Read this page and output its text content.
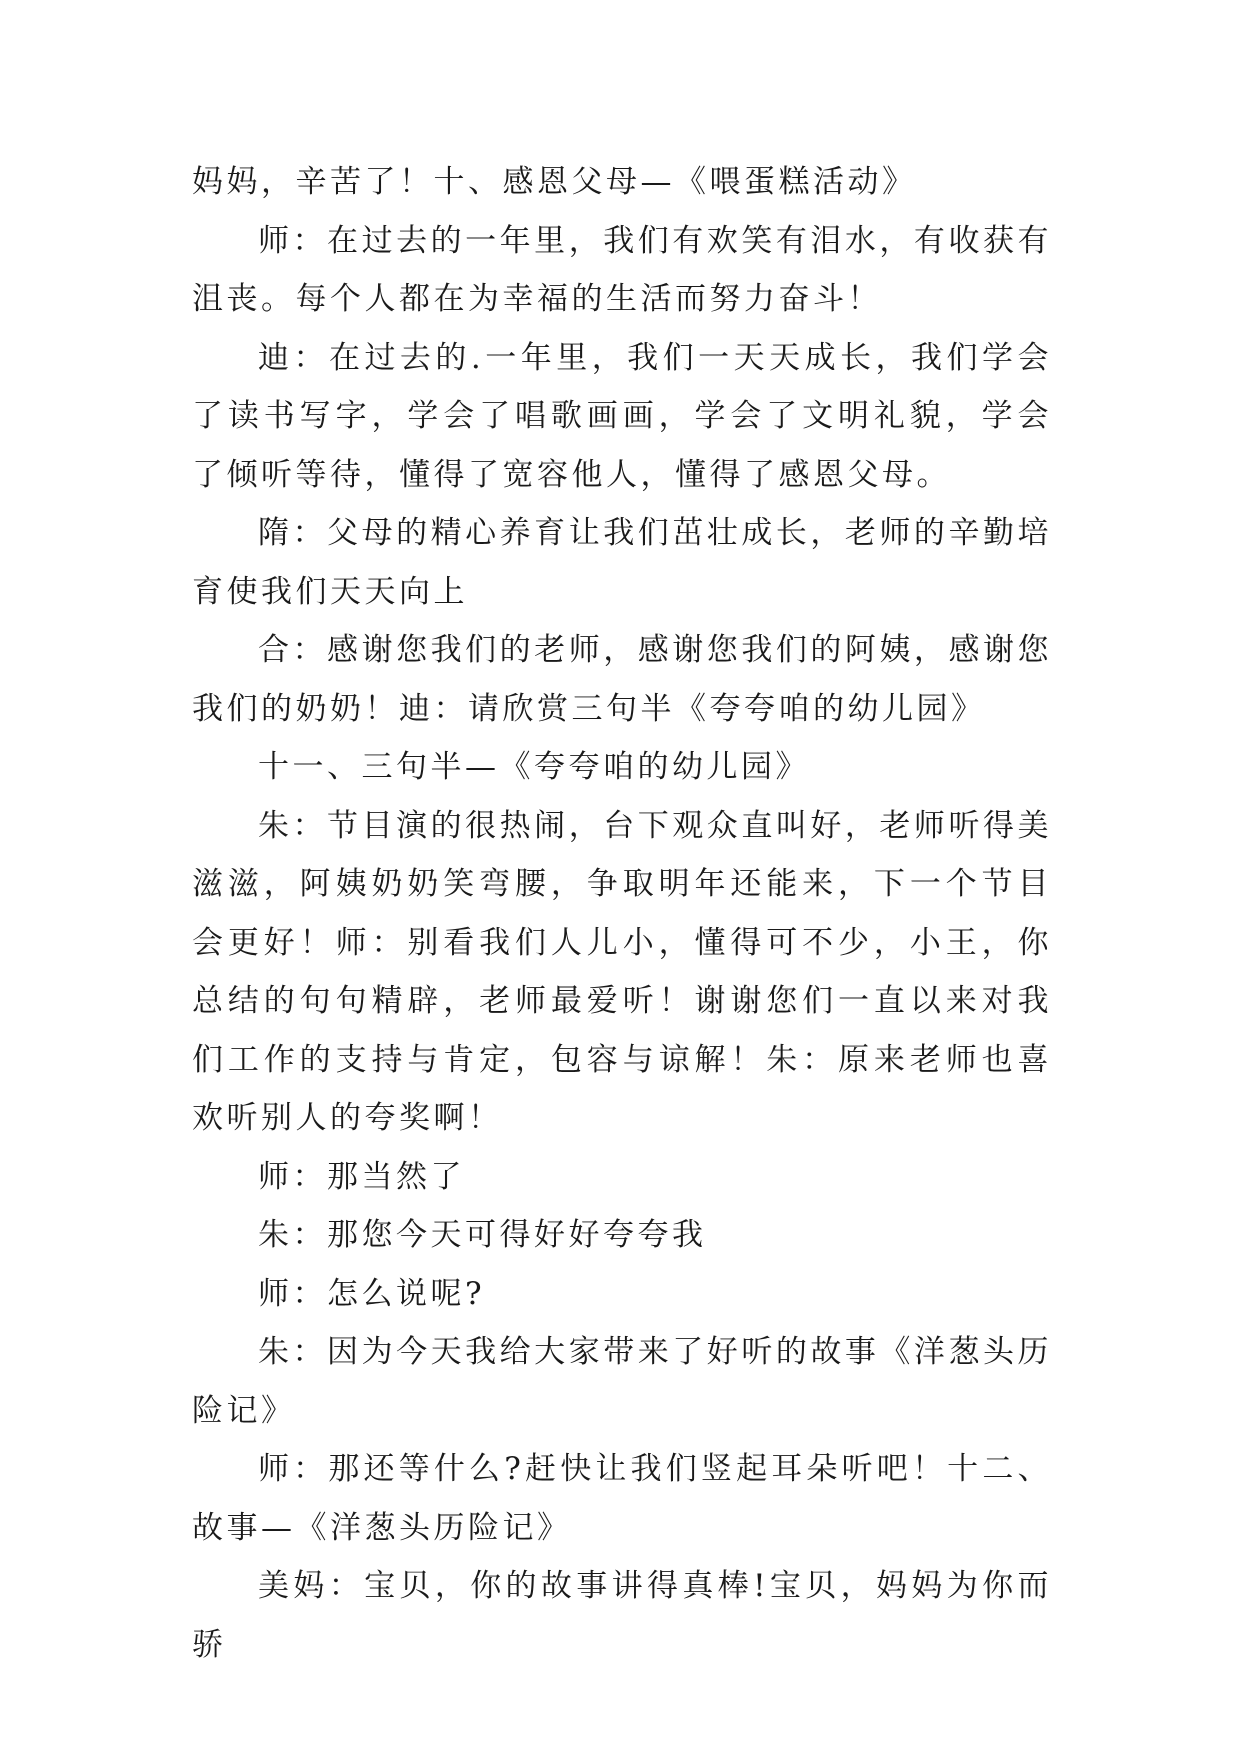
妈妈，辛苦了！十、感恩父母—《喂蛋糕活动》

师：在过去的一年里，我们有欢笑有泪水，有收获有沮丧。每个人都在为幸福的生活而努力奋斗！

迪：在过去的.一年里，我们一天天成长，我们学会了读书写字，学会了唱歌画画，学会了文明礼貌，学会了倾听等待，懂得了宽容他人，懂得了感恩父母。

隋：父母的精心养育让我们茁壮成长，老师的辛勤培育使我们天天向上

合：感谢您我们的老师，感谢您我们的阿姨，感谢您我们的奶奶！迪：请欣赏三句半《夸夸咱的幼儿园》

十一、三句半—《夸夸咱的幼儿园》

朱：节目演的很热闹，台下观众直叫好，老师听得美滋滋，阿姨奶奶笑弯腰，争取明年还能来，下一个节目会更好！师：别看我们人儿小，懂得可不少，小王，你总结的句句精辟，老师最爱听！谢谢您们一直以来对我们工作的支持与肯定，包容与谅解！朱：原来老师也喜欢听别人的夸奖啊！

师：那当然了

朱：那您今天可得好好夸夸我

师：怎么说呢?

朱：因为今天我给大家带来了好听的故事《洋葱头历险记》

师：那还等什么?赶快让我们竖起耳朵听吧！十二、故事—《洋葱头历险记》

美妈：宝贝，你的故事讲得真棒!宝贝，妈妈为你而骄
